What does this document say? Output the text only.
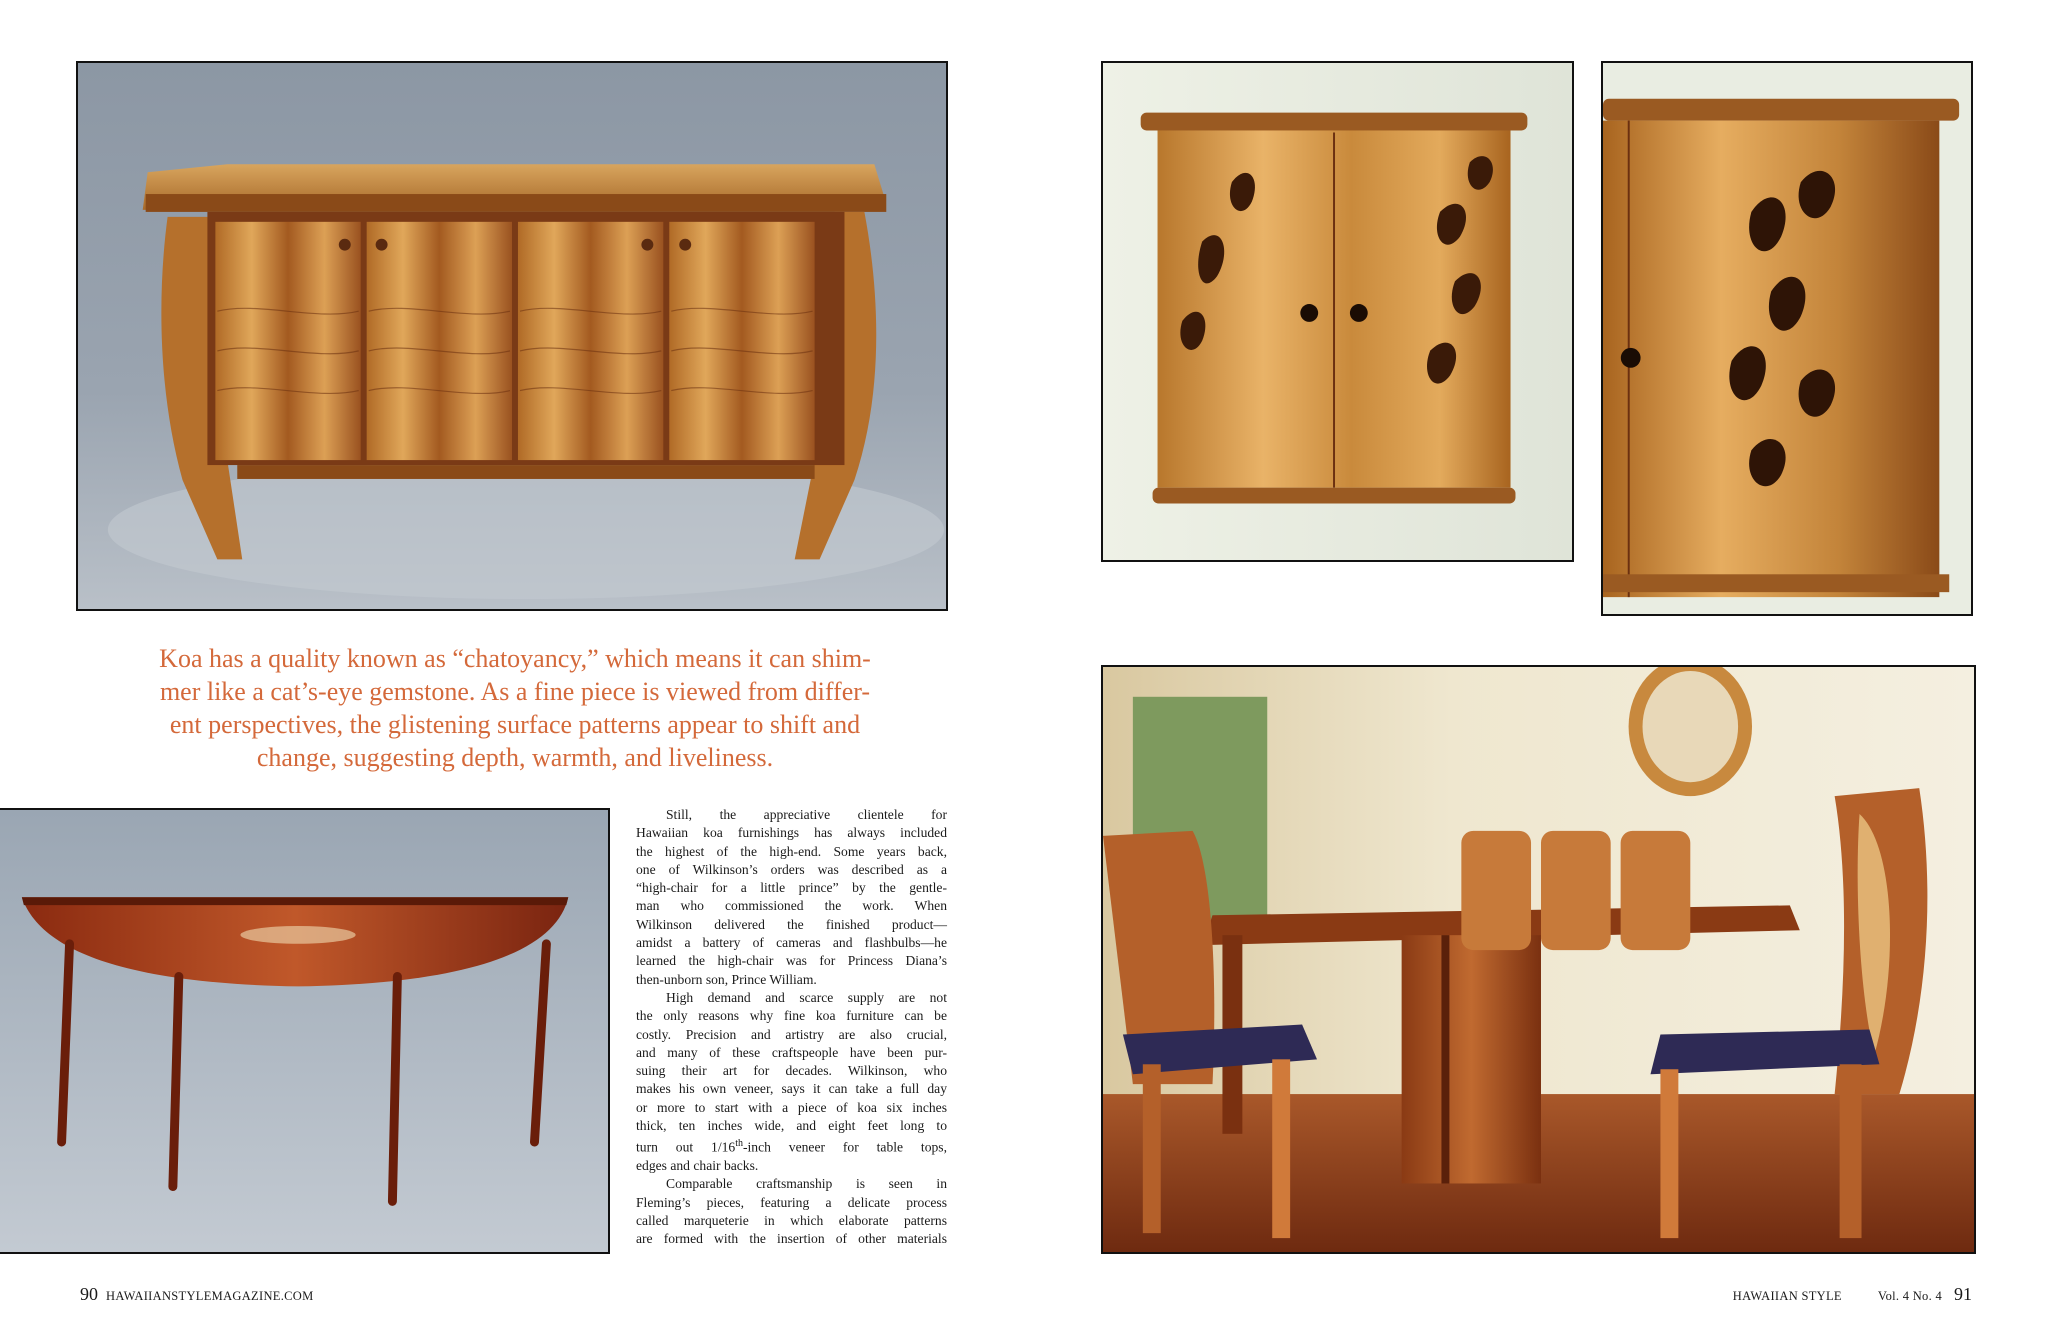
Koa has a quality known as “chatoyancy,” which means it can shim-
mer like a cat’s-eye gemstone. As a fine piece is viewed from differ-
ent perspectives, the glistening surface patterns appear to shift and
change, suggesting depth, warmth, and liveliness.
Still, the appreciative clientele for
Hawaiian koa furnishings has always included
the highest of the high-end. Some years back,
one of Wilkinson’s orders was described as a
“high-chair for a little prince” by the gentle-
man who commissioned the work. When
Wilkinson delivered the finished product—
amidst a battery of cameras and flashbulbs—he
learned the high-chair was for Princess Diana’s
then-unborn son, Prince William.
High demand and scarce supply are not
the only reasons why fine koa furniture can be
costly. Precision and artistry are also crucial,
and many of these craftspeople have been pur-
suing their art for decades. Wilkinson, who
makes his own veneer, says it can take a full day
or more to start with a piece of koa six inches
thick, ten inches wide, and eight feet long to
turn out 1/16th-inch veneer for table tops,
edges and chair backs.
Comparable craftsmanship is seen in
Fleming’s pieces, featuring a delicate process
called marqueterie in which elaborate patterns
are formed with the insertion of other materials
90 HAWAIIANSTYLEMAGAZINE.COM	HAWAIIAN STYLE	Vol. 4 No. 4 91
